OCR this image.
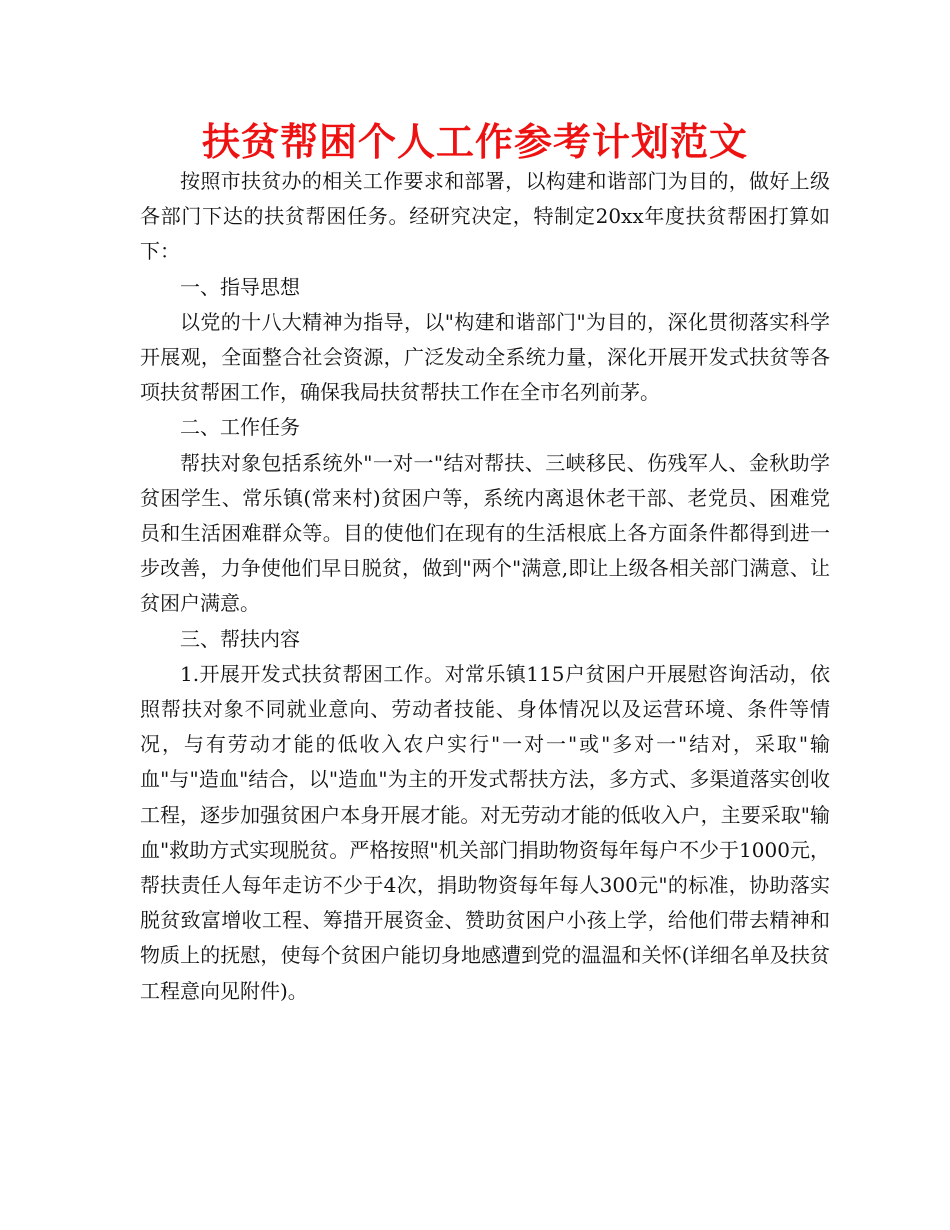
扶贫帮困个人工作参考计划范文

按照市扶贫办的相关工作要求和部署，以构建和谐部门为目的，做好上级各部门下达的扶贫帮困任务。经研究决定，特制定20xx年度扶贫帮困打算如下：

一、指导思想

以党的十八大精神为指导，以"构建和谐部门"为目的，深化贯彻落实科学开展观，全面整合社会资源，广泛发动全系统力量，深化开展开发式扶贫等各项扶贫帮困工作，确保我局扶贫帮扶工作在全市名列前茅。

二、工作任务

帮扶对象包括系统外"一对一"结对帮扶、三峡移民、伤残军人、金秋助学贫困学生、常乐镇(常来村)贫困户等，系统内离退休老干部、老党员、困难党员和生活困难群众等。目的使他们在现有的生活根底上各方面条件都得到进一步改善，力争使他们早日脱贫，做到"两个"满意,即让上级各相关部门满意、让贫困户满意。

三、帮扶内容

1.开展开发式扶贫帮困工作。对常乐镇115户贫困户开展慰咨询活动，依照帮扶对象不同就业意向、劳动者技能、身体情况以及运营环境、条件等情况，与有劳动才能的低收入农户实行"一对一"或"多对一"结对，采取"输血"与"造血"结合，以"造血"为主的开发式帮扶方法，多方式、多渠道落实创收工程，逐步加强贫困户本身开展才能。对无劳动才能的低收入户，主要采取"输血"救助方式实现脱贫。严格按照"机关部门捐助物资每年每户不少于1000元，帮扶责任人每年走访不少于4次，捐助物资每年每人300元"的标准，协助落实脱贫致富增收工程、筹措开展资金、赞助贫困户小孩上学，给他们带去精神和物质上的抚慰，使每个贫困户能切身地感遭到党的温温和关怀(详细名单及扶贫工程意向见附件)。
